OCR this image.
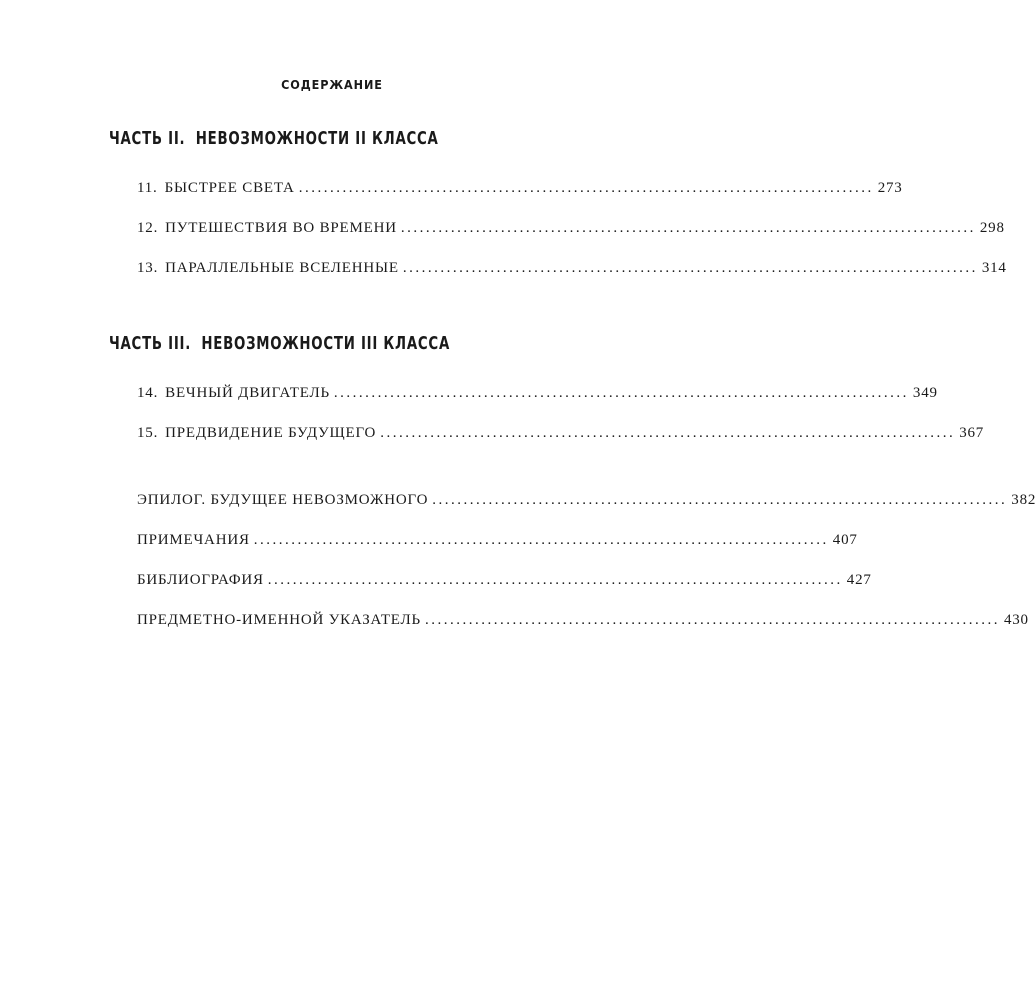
СОДЕРЖАНИЕ
ЧАСТЬ II. НЕВОЗМОЖНОСТИ II КЛАССА
11. БЫСТРЕЕ СВЕТА ............................................................................................ 273
12. ПУТЕШЕСТВИЯ ВО ВРЕМЕНИ ............................................................................................ 298
13. ПАРАЛЛЕЛЬНЫЕ ВСЕЛЕННЫЕ ............................................................................................ 314
ЧАСТЬ III. НЕВОЗМОЖНОСТИ III КЛАССА
14. ВЕЧНЫЙ ДВИГАТЕЛЬ ............................................................................................ 349
15. ПРЕДВИДЕНИЕ БУДУЩЕГО ............................................................................................ 367
ЭПИЛОГ. БУДУЩЕЕ НЕВОЗМОЖНОГО ............................................................................................ 382
ПРИМЕЧАНИЯ ............................................................................................ 407
БИБЛИОГРАФИЯ ............................................................................................ 427
ПРЕДМЕТНО-ИМЕННОЙ УКАЗАТЕЛЬ ............................................................................................ 430
